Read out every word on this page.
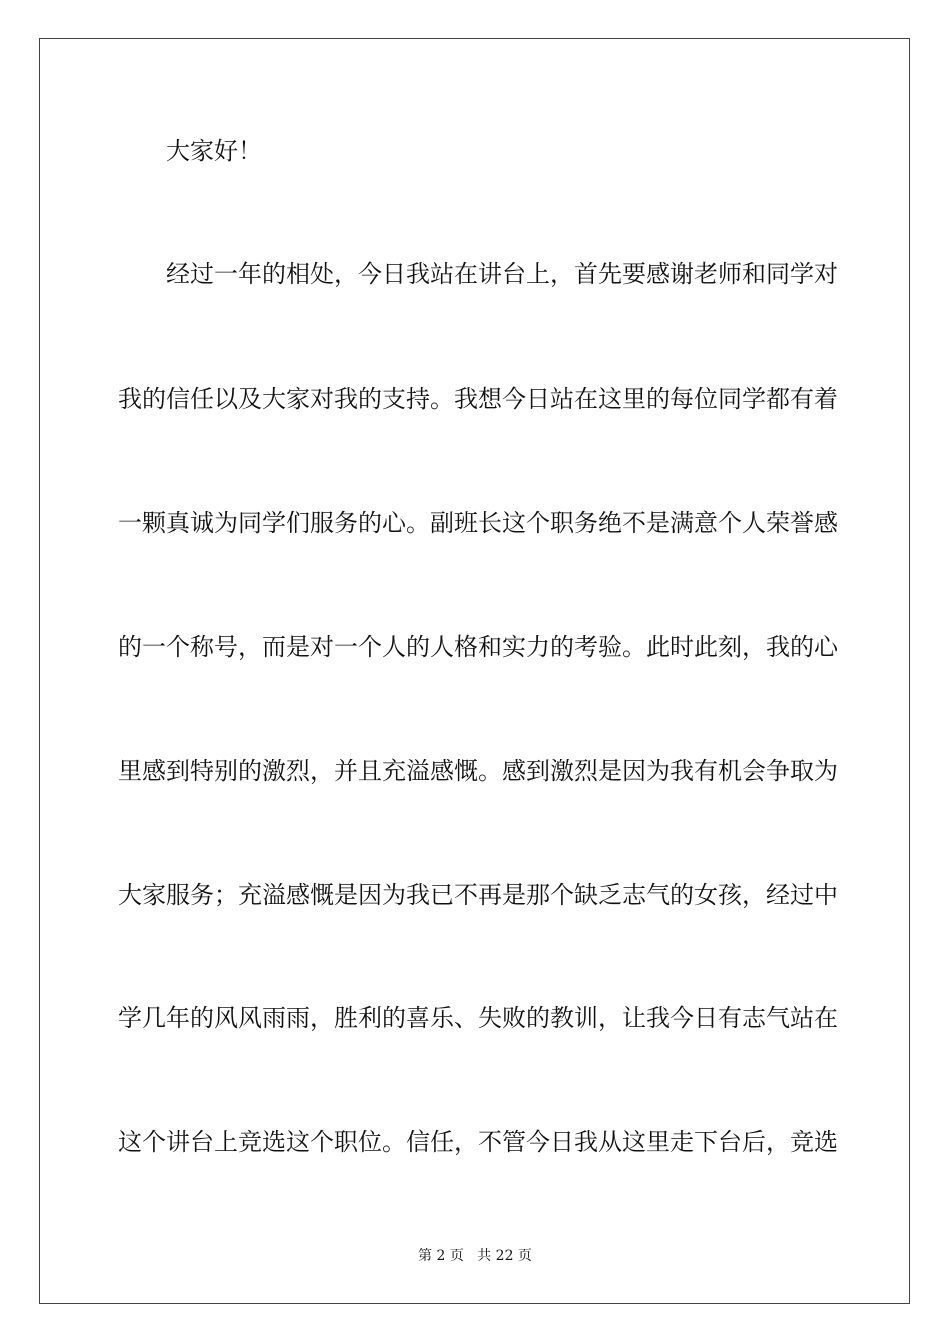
大家好！
经过一年的相处，今日我站在讲台上，首先要感谢老师和同学对
我的信任以及大家对我的支持。我想今日站在这里的每位同学都有着
一颗真诚为同学们服务的心。副班长这个职务绝不是满意个人荣誉感
的一个称号，而是对一个人的人格和实力的考验。此时此刻，我的心
里感到特别的激烈，并且充溢感慨。感到激烈是因为我有机会争取为
大家服务；充溢感慨是因为我已不再是那个缺乏志气的女孩，经过中
学几年的风风雨雨，胜利的喜乐、失败的教训，让我今日有志气站在
这个讲台上竞选这个职位。信任，不管今日我从这里走下台后，竞选
第 2 页 共 22 页
